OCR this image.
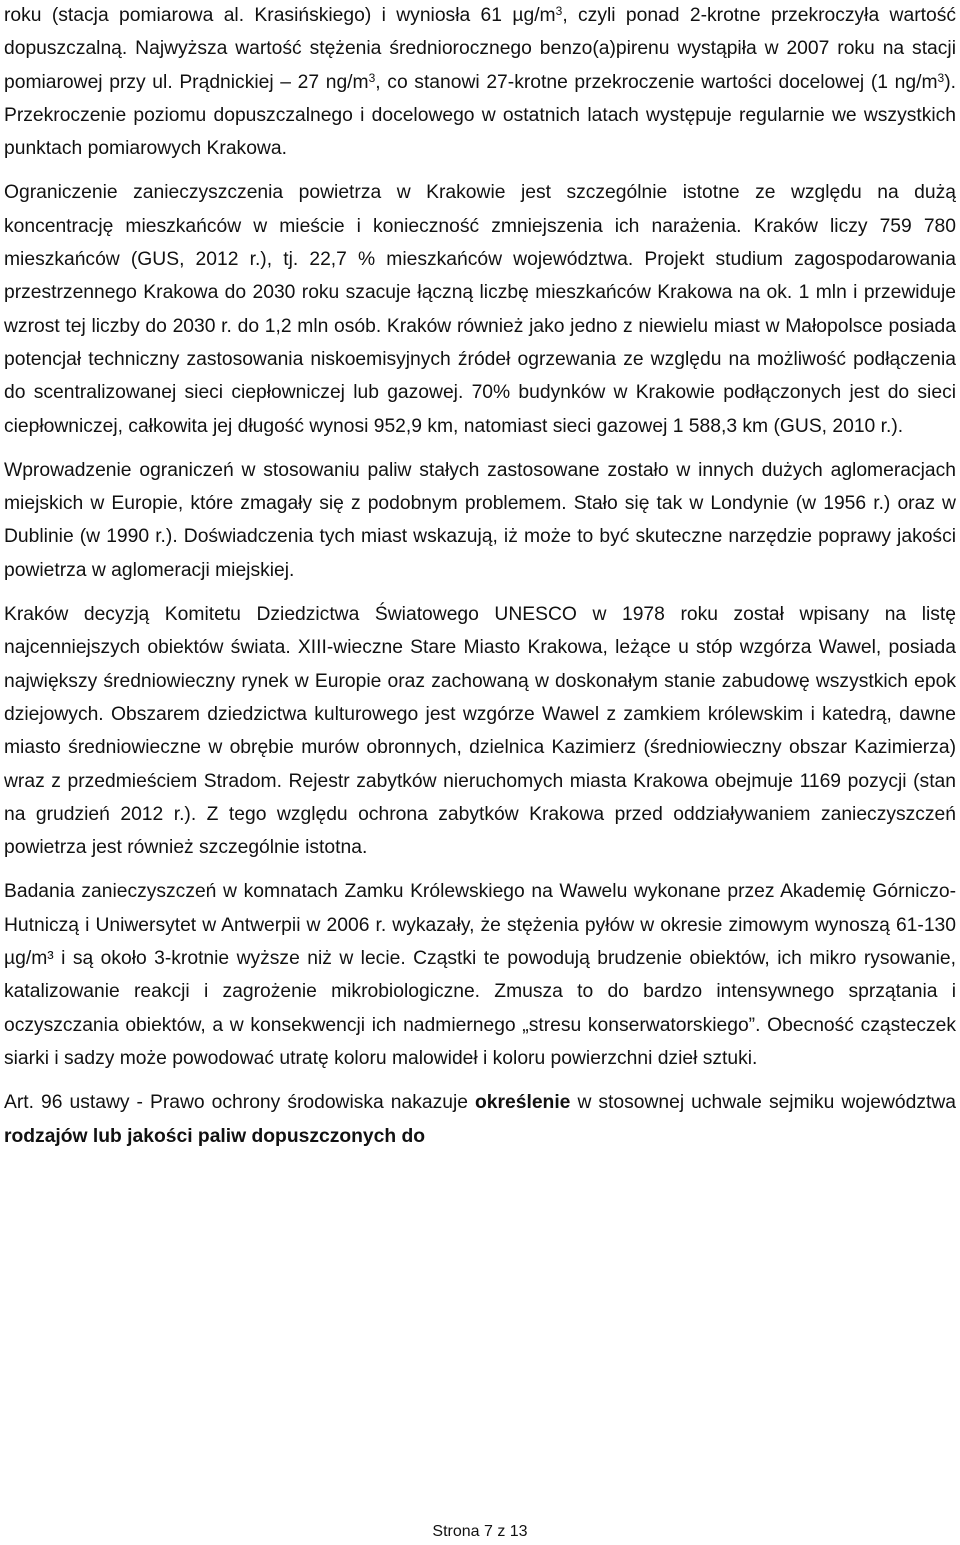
roku (stacja pomiarowa al. Krasińskiego) i wyniosła 61 $\mu g/m^3$, czyli ponad 2-krotne przekroczyła wartość dopuszczalną. Najwyższa wartość stężenia średniorocznego benzo(a)pirenu wystąpiła w 2007 roku na stacji pomiarowej przy ul. Prądnickiej – 27 $ng/m^3$, co stanowi 27-krotne przekroczenie wartości docelowej (1 $ng/m^3$). Przekroczenie poziomu dopuszczalnego i docelowego w ostatnich latach występuje regularnie we wszystkich punktach pomiarowych Krakowa.

Ograniczenie zanieczyszczenia powietrza w Krakowie jest szczególnie istotne ze względu na dużą koncentrację mieszkańców w mieście i konieczność zmniejszenia ich narażenia. Kraków liczy 759 780 mieszkańców (GUS, 2012 r.), tj. 22,7 % mieszkańców województwa. Projekt studium zagospodarowania przestrzennego Krakowa do 2030 roku szacuje łączną liczbę mieszkańców Krakowa na ok. 1 mln i przewiduje wzrost tej liczby do 2030 r. do 1,2 mln osób. Kraków również jako jedno z niewielu miast w Małopolsce posiada potencjał techniczny zastosowania niskoemisyjnych źródeł ogrzewania ze względu na możliwość podłączenia do scentralizowanej sieci ciepłowniczej lub gazowej. 70% budynków w Krakowie podłączonych jest do sieci ciepłowniczej, całkowita jej długość wynosi 952,9 km, natomiast sieci gazowej 1 588,3 km (GUS, 2010 r.).

Wprowadzenie ograniczeń w stosowaniu paliw stałych zastosowane zostało w innych dużych aglomeracjach miejskich w Europie, które zmagały się z podobnym problemem. Stało się tak w Londynie (w 1956 r.) oraz w Dublinie (w 1990 r.). Doświadczenia tych miast wskazują, iż może to być skuteczne narzędzie poprawy jakości powietrza w aglomeracji miejskiej.

Kraków decyzją Komitetu Dziedzictwa Światowego UNESCO w 1978 roku został wpisany na listę najcenniejszych obiektów świata. XIII-wieczne Stare Miasto Krakowa, leżące u stóp wzgórza Wawel, posiada największy średniowieczny rynek w Europie oraz zachowaną w doskonałym stanie zabudowę wszystkich epok dziejowych. Obszarem dziedzictwa kulturowego jest wzgórze Wawel z zamkiem królewskim i katedrą, dawne miasto średniowieczne w obrębie murów obronnych, dzielnica Kazimierz (średniowieczny obszar Kazimierza) wraz z przedmieściem Stradom. Rejestr zabytków nieruchomych miasta Krakowa obejmuje 1169 pozycji (stan na grudzień 2012 r.). Z tego względu ochrona zabytków Krakowa przed oddziaływaniem zanieczyszczeń powietrza jest również szczególnie istotna.

Badania zanieczyszczeń w komnatach Zamku Królewskiego na Wawelu wykonane przez Akademię Górniczo-Hutniczą i Uniwersytet w Antwerpii w 2006 r. wykazały, że stężenia pyłów w okresie zimowym wynoszą 61-130 µg/m³ i są około 3-krotnie wyższe niż w lecie. Cząstki te powodują brudzenie obiektów, ich mikro rysowanie, katalizowanie reakcji i zagrożenie mikrobiologiczne. Zmusza to do bardzo intensywnego sprzątania i oczyszczania obiektów, a w konsekwencji ich nadmiernego „stresu konserwatorskiego”. Obecność cząsteczek siarki i sadzy może powodować utratę koloru malowideł i koloru powierzchni dzieł sztuki.

Art. 96 ustawy - Prawo ochrony środowiska nakazuje określenie w stosownej uchwale sejmiku województwa rodzajów lub jakości paliw dopuszczonych do

Strona 7 z 13
